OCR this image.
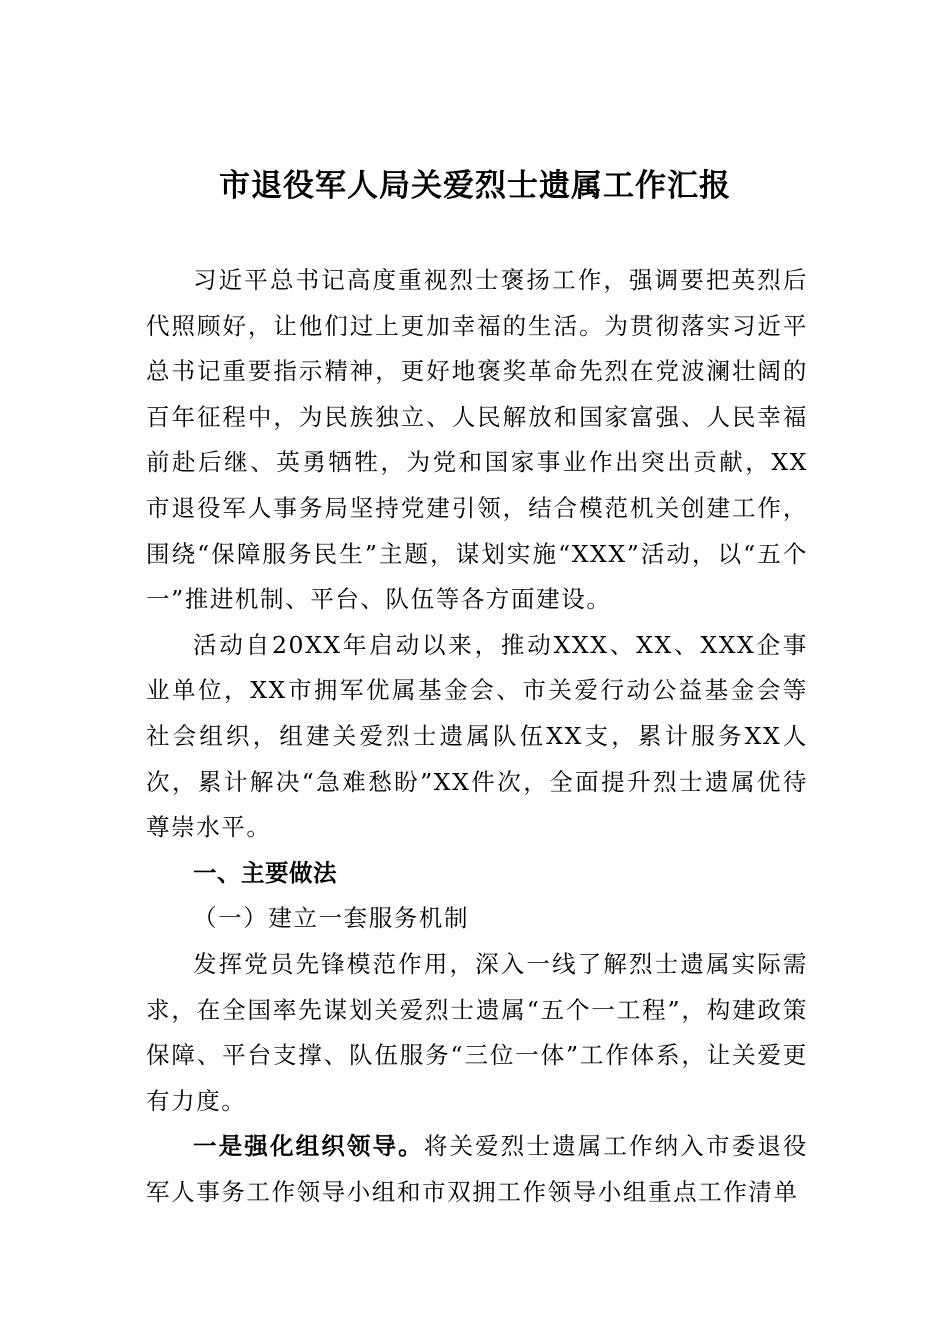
市退役军人局关爱烈士遗属工作汇报

习近平总书记高度重视烈士褒扬工作，强调要把英烈后代照顾好，让他们过上更加幸福的生活。为贯彻落实习近平总书记重要指示精神，更好地褒奖革命先烈在党波澜壮阔的百年征程中，为民族独立、人民解放和国家富强、人民幸福前赴后继、英勇牺牲，为党和国家事业作出突出贡献，XX市退役军人事务局坚持党建引领，结合模范机关创建工作，围绕“保障服务民生”主题，谋划实施“XXX”活动，以“五个一”推进机制、平台、队伍等各方面建设。

活动自20XX年启动以来，推动XXX、XX、XXX企事业单位，XX市拥军优属基金会、市关爱行动公益基金会等社会组织，组建关爱烈士遗属队伍XX支，累计服务XX人次，累计解决“急难愁盼”XX件次，全面提升烈士遗属优待尊崇水平。

一、主要做法

（一）建立一套服务机制

发挥党员先锋模范作用，深入一线了解烈士遗属实际需求，在全国率先谋划关爱烈士遗属“五个一工程”，构建政策保障、平台支撑、队伍服务“三位一体”工作体系，让关爱更有力度。

一是强化组织领导。将关爱烈士遗属工作纳入市委退役军人事务工作领导小组和市双拥工作领导小组重点工作清单
